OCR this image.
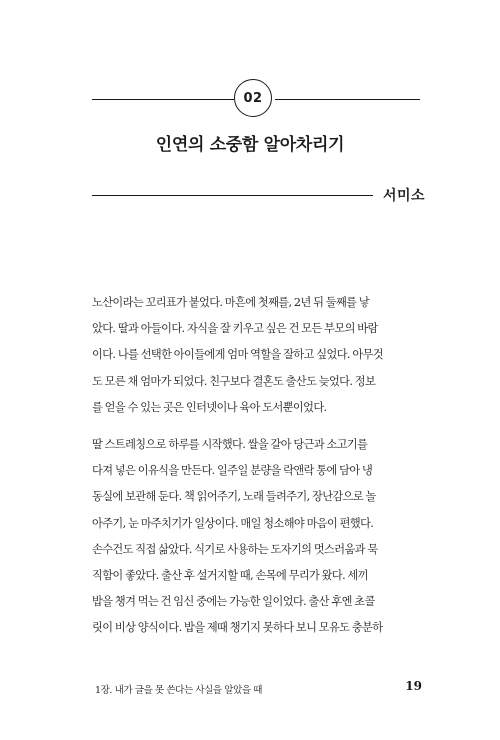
02
인연의 소중함 알아차리기
서미소
노산이라는 꼬리표가 붙었다. 마흔에 첫째를, 2년 뒤 둘째를 낳
았다. 딸과 아들이다. 자식을 잘 키우고 싶은 건 모든 부모의 바람
이다. 나를 선택한 아이들에게 엄마 역할을 잘하고 싶었다. 아무것
도 모른 채 엄마가 되었다. 친구보다 결혼도 출산도 늦었다. 정보
를 얻을 수 있는 곳은 인터넷이나 육아 도서뿐이었다.
딸 스트레칭으로 하루를 시작했다. 쌀을 갈아 당근과 소고기를
다져 넣은 이유식을 만든다. 일주일 분량을 락앤락 통에 담아 냉
동실에 보관해 둔다. 책 읽어주기, 노래 들려주기, 장난감으로 놀
아주기, 눈 마주치기가 일상이다. 매일 청소해야 마음이 편했다.
손수건도 직접 삶았다. 식기로 사용하는 도자기의 멋스러움과 묵
직함이 좋았다. 출산 후 설거지할 때, 손목에 무리가 왔다. 세끼
밥을 챙겨 먹는 건 임신 중에는 가능한 일이었다. 출산 후엔 초콜
릿이 비상 양식이다. 밥을 제때 챙기지 못하다 보니 모유도 충분하
1장. 내가 글을 못 쓴다는 사실을 알았을 때	19
